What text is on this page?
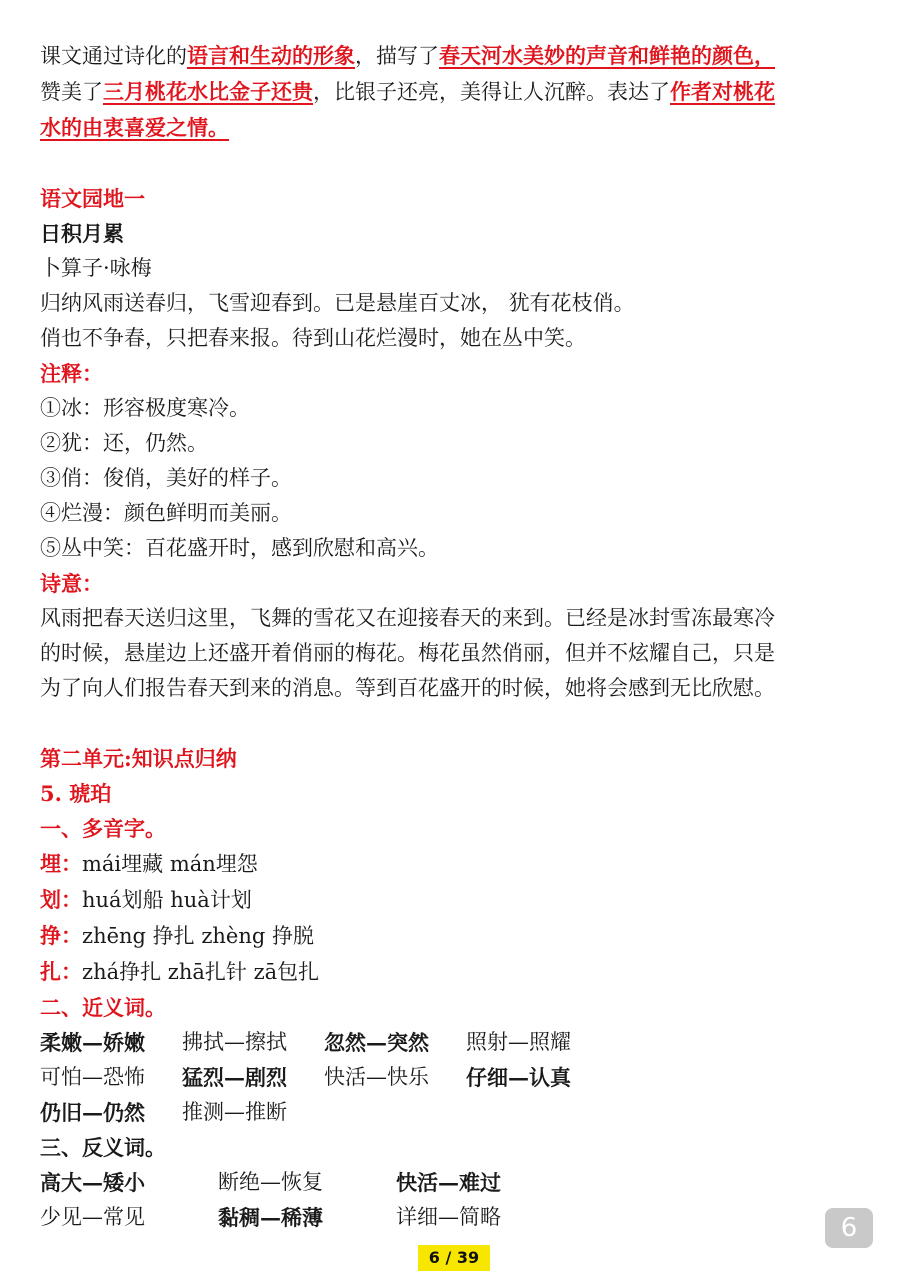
课文通过诗化的语言和生动的形象，描写了春天河水美妙的声音和鲜艳的颜色，

赞美了三月桃花水比金子还贵，比银子还亮，美得让人沉醉。表达了作者对桃花

水的由衷喜爱之情。

语文园地一

日积月累

卜算子·咏梅

归纳风雨送春归，飞雪迎春到。已是悬崖百丈冰， 犹有花枝俏。

俏也不争春，只把春来报。待到山花烂漫时，她在丛中笑。

注释：

①冰：形容极度寒冷。

②犹：还，仍然。

③俏：俊俏，美好的样子。

④烂漫：颜色鲜明而美丽。

⑤丛中笑：百花盛开时，感到欣慰和高兴。

诗意：

风雨把春天送归这里，飞舞的雪花又在迎接春天的来到。已经是冰封雪冻最寒冷

的时候，悬崖边上还盛开着俏丽的梅花。梅花虽然俏丽，但并不炫耀自己，只是

为了向人们报告春天到来的消息。等到百花盛开的时候，她将会感到无比欣慰。

第二单元:知识点归纳

5. 琥珀

一、多音字。

埋：mái埋藏 mán埋怨

划：huá划船 huà计划

挣：zhēng 挣扎 zhèng 挣脱

扎：zhá挣扎 zhā扎针 zā包扎

二、近义词。

柔嫩—娇嫩	拂拭—擦拭	忽然—突然	照射—照耀
可怕—恐怖	猛烈—剧烈	快活—快乐	仔细—认真
仍旧—仍然	推测—推断

三、反义词。

高大—矮小	断绝—恢复	快活—难过
少见—常见	黏稠—稀薄	详细—简略	6
6 / 39
